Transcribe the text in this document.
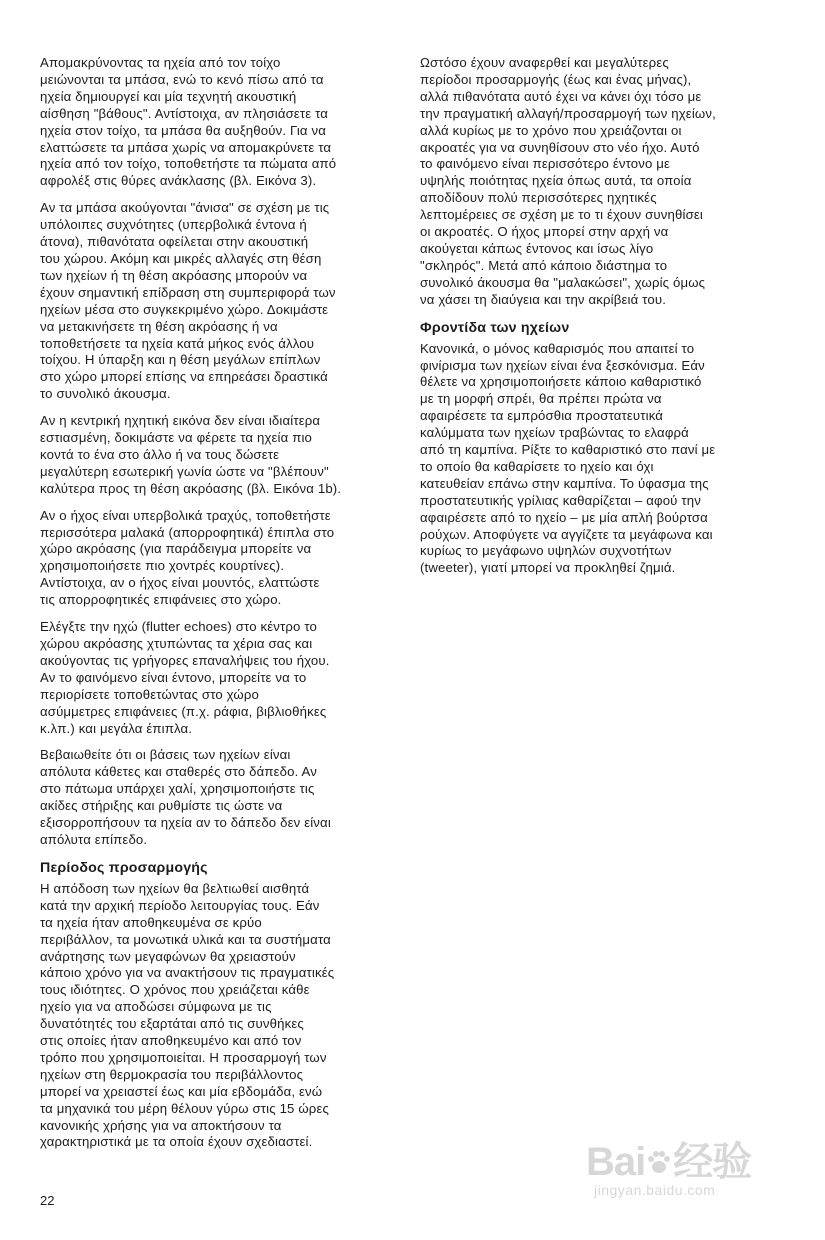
Απομακρύνοντας τα ηχεία από τον τοίχο
μειώνονται τα μπάσα, ενώ το κενό πίσω από τα
ηχεία δημιουργεί και μία τεχνητή ακουστική
αίσθηση "βάθους". Αντίστοιχα, αν πλησιάσετε τα
ηχεία στον τοίχο, τα μπάσα θα αυξηθούν. Για να
ελαττώσετε τα μπάσα χωρίς να απομακρύνετε τα
ηχεία από τον τοίχο, τοποθετήστε τα πώματα από
αφρολέξ στις θύρες ανάκλασης (βλ. Εικόνα 3).

Αν τα μπάσα ακούγονται "άνισα" σε σχέση με τις
υπόλοιπες συχνότητες (υπερβολικά έντονα ή
άτονα), πιθανότατα οφείλεται στην ακουστική
του χώρου. Ακόμη και μικρές αλλαγές στη θέση
των ηχείων ή τη θέση ακρόασης μπορούν να
έχουν σημαντική επίδραση στη συμπεριφορά των
ηχείων μέσα στο συγκεκριμένο χώρο. Δοκιμάστε
να μετακινήσετε τη θέση ακρόασης ή να
τοποθετήσετε τα ηχεία κατά μήκος ενός άλλου
τοίχου. Η ύπαρξη και η θέση μεγάλων επίπλων
στο χώρο μπορεί επίσης να επηρεάσει δραστικά
το συνολικό άκουσμα.

Αν η κεντρική ηχητική εικόνα δεν είναι ιδιαίτερα
εστιασμένη, δοκιμάστε να φέρετε τα ηχεία πιο
κοντά το ένα στο άλλο ή να τους δώσετε
μεγαλύτερη εσωτερική γωνία ώστε να "βλέπουν"
καλύτερα προς τη θέση ακρόασης (βλ. Εικόνα 1b).

Αν ο ήχος είναι υπερβολικά τραχύς, τοποθετήστε
περισσότερα μαλακά (απορροφητικά) έπιπλα στο
χώρο ακρόασης (για παράδειγμα μπορείτε να
χρησιμοποιήσετε πιο χοντρές κουρτίνες).
Αντίστοιχα, αν ο ήχος είναι μουντός, ελαττώστε
τις απορροφητικές επιφάνειες στο χώρο.

Ελέγξτε την ηχώ (flutter echoes) στο κέντρο το
χώρου ακρόασης χτυπώντας τα χέρια σας και
ακούγοντας τις γρήγορες επαναλήψεις του ήχου.
Αν το φαινόμενο είναι έντονο, μπορείτε να το
περιορίσετε τοποθετώντας στο χώρο
ασύμμετρες επιφάνειες (π.χ. ράφια, βιβλιοθήκες
κ.λπ.) και μεγάλα έπιπλα.

Βεβαιωθείτε ότι οι βάσεις των ηχείων είναι
απόλυτα κάθετες και σταθερές στο δάπεδο. Αν
στο πάτωμα υπάρχει χαλί, χρησιμοποιήστε τις
ακίδες στήριξης και ρυθμίστε τις ώστε να
εξισορροπήσουν τα ηχεία αν το δάπεδο δεν είναι
απόλυτα επίπεδο.

Περίοδος προσαρμογής

Η απόδοση των ηχείων θα βελτιωθεί αισθητά
κατά την αρχική περίοδο λειτουργίας τους. Εάν
τα ηχεία ήταν αποθηκευμένα σε κρύο
περιβάλλον, τα μονωτικά υλικά και τα συστήματα
ανάρτησης των μεγαφώνων θα χρειαστούν
κάποιο χρόνο για να ανακτήσουν τις πραγματικές
τους ιδιότητες. Ο χρόνος που χρειάζεται κάθε
ηχείο για να αποδώσει σύμφωνα με τις
δυνατότητές του εξαρτάται από τις συνθήκες
στις οποίες ήταν αποθηκευμένο και από τον
τρόπο που χρησιμοποιείται. Η προσαρμογή των
ηχείων στη θερμοκρασία του περιβάλλοντος
μπορεί να χρειαστεί έως και μία εβδομάδα, ενώ
τα μηχανικά του μέρη θέλουν γύρω στις 15 ώρες
κανονικής χρήσης για να αποκτήσουν τα
χαρακτηριστικά με τα οποία έχουν σχεδιαστεί.

Ωστόσο έχουν αναφερθεί και μεγαλύτερες
περίοδοι προσαρμογής (έως και ένας μήνας),
αλλά πιθανότατα αυτό έχει να κάνει όχι τόσο με
την πραγματική αλλαγή/προσαρμογή των ηχείων,
αλλά κυρίως με το χρόνο που χρειάζονται οι
ακροατές για να συνηθίσουν στο νέο ήχο. Αυτό
το φαινόμενο είναι περισσότερο έντονο με
υψηλής ποιότητας ηχεία όπως αυτά, τα οποία
αποδίδουν πολύ περισσότερες ηχητικές
λεπτομέρειες σε σχέση με το τι έχουν συνηθίσει
οι ακροατές. Ο ήχος μπορεί στην αρχή να
ακούγεται κάπως έντονος και ίσως λίγο
"σκληρός". Μετά από κάποιο διάστημα το
συνολικό άκουσμα θα "μαλακώσει", χωρίς όμως
να χάσει τη διαύγεια και την ακρίβειά του.

Φροντίδα των ηχείων

Κανονικά, ο μόνος καθαρισμός που απαιτεί το
φινίρισμα των ηχείων είναι ένα ξεσκόνισμα. Εάν
θέλετε να χρησιμοποιήσετε κάποιο καθαριστικό
με τη μορφή σπρέι, θα πρέπει πρώτα να
αφαιρέσετε τα εμπρόσθια προστατευτικά
καλύμματα των ηχείων τραβώντας το ελαφρά
από τη καμπίνα. Ρίξτε το καθαριστικό στο πανί με
το οποίο θα καθαρίσετε το ηχείο και όχι
κατευθείαν επάνω στην καμπίνα. Το ύφασμα της
προστατευτικής γρίλιας καθαρίζεται – αφού την
αφαιρέσετε από το ηχείο – με μία απλή βούρτσα
ρούχων. Αποφύγετε να αγγίζετε τα μεγάφωνα και
κυρίως το μεγάφωνο υψηλών συχνοτήτων
(tweeter), γιατί μπορεί να προκληθεί ζημιά.

22
Bai 经验
jingyan.baidu.com
